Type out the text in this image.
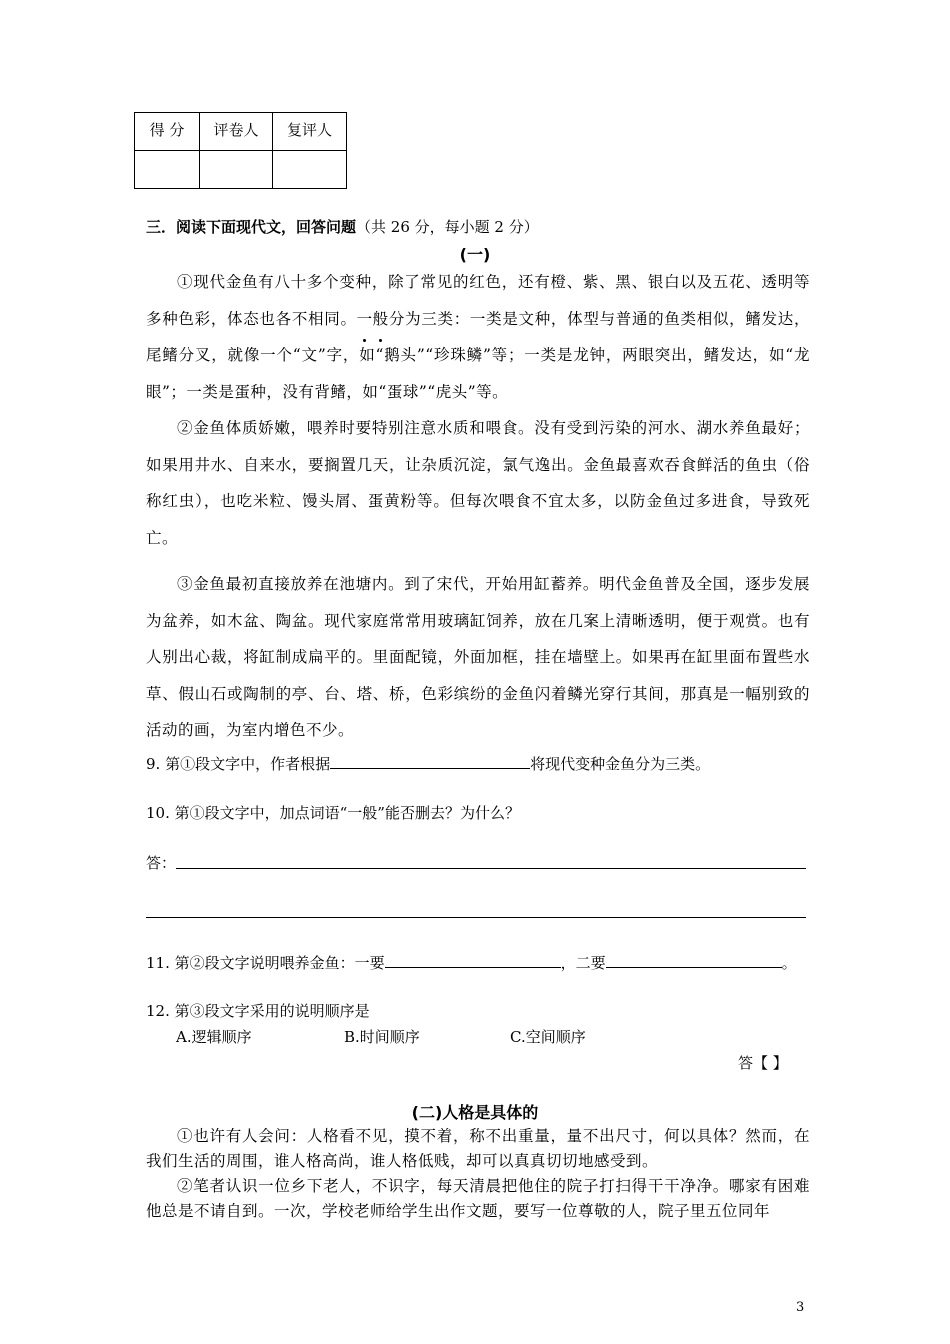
得 分	评卷人	复评人

三．阅读下面现代文，回答问题（共 26 分，每小题 2 分）
(一)
①现代金鱼有八十多个变种，除了常见的红色，还有橙、紫、黑、银白以及五花、透明等多种色彩，体态也各不相同。一
般
分为三类：一类是文种，体型与普通的鱼类相似，鳍发达，尾鳍分叉，就像一个“文”字，如“鹅头”“珍珠鳞”等；一类是龙钟，两眼突出，鳍发达，如“龙眼”；一类是蛋种，没有背鳍，如“蛋球”“虎头”等。
②金鱼体质娇嫩，喂养时要特别注意水质和喂食。没有受到污染的河水、湖水养鱼最好；如果用井水、自来水，要搁置几天，让杂质沉淀，氯气逸出。金鱼最喜欢吞食鲜活的鱼虫（俗称红虫），也吃米粒、馒头屑、蛋黄粉等。但每次喂食不宜太多，以防金鱼过多进食，导致死亡。
③金鱼最初直接放养在池塘内。到了宋代，开始用缸蓄养。明代金鱼普及全国，逐步发展为盆养，如木盆、陶盆。现代家庭常常用玻璃缸饲养，放在几案上清晰透明，便于观赏。也有人别出心裁，将缸制成扁平的。里面配镜，外面加框，挂在墙壁上。如果再在缸里面布置些水草、假山石或陶制的亭、台、塔、桥，色彩缤纷的金鱼闪着鳞光穿行其间，那真是一幅别致的活动的画，为室内增色不少。
9. 第①段文字中，作者根据	将现代变种金鱼分为三类。
10. 第①段文字中，加点词语“一般”能否删去？为什么？
答：
11. 第②段文字说明喂养金鱼：一要	，二要	。
12. 第③段文字采用的说明顺序是
A.逻辑顺序	B.时间顺序	C.空间顺序
答【 】
(二)人格是具体的
①也许有人会问：人格看不见，摸不着，称不出重量，量不出尺寸，何以具体？然而，在我们生活的周围，谁人格高尚，谁人格低贱，却可以真真切切地感受到。
②笔者认识一位乡下老人，不识字，每天清晨把他住的院子打扫得干干净净。哪家有困难他总是不请自到。一次，学校老师给学生出作文题，要写一位尊敬的人，院子里五位同年
3
